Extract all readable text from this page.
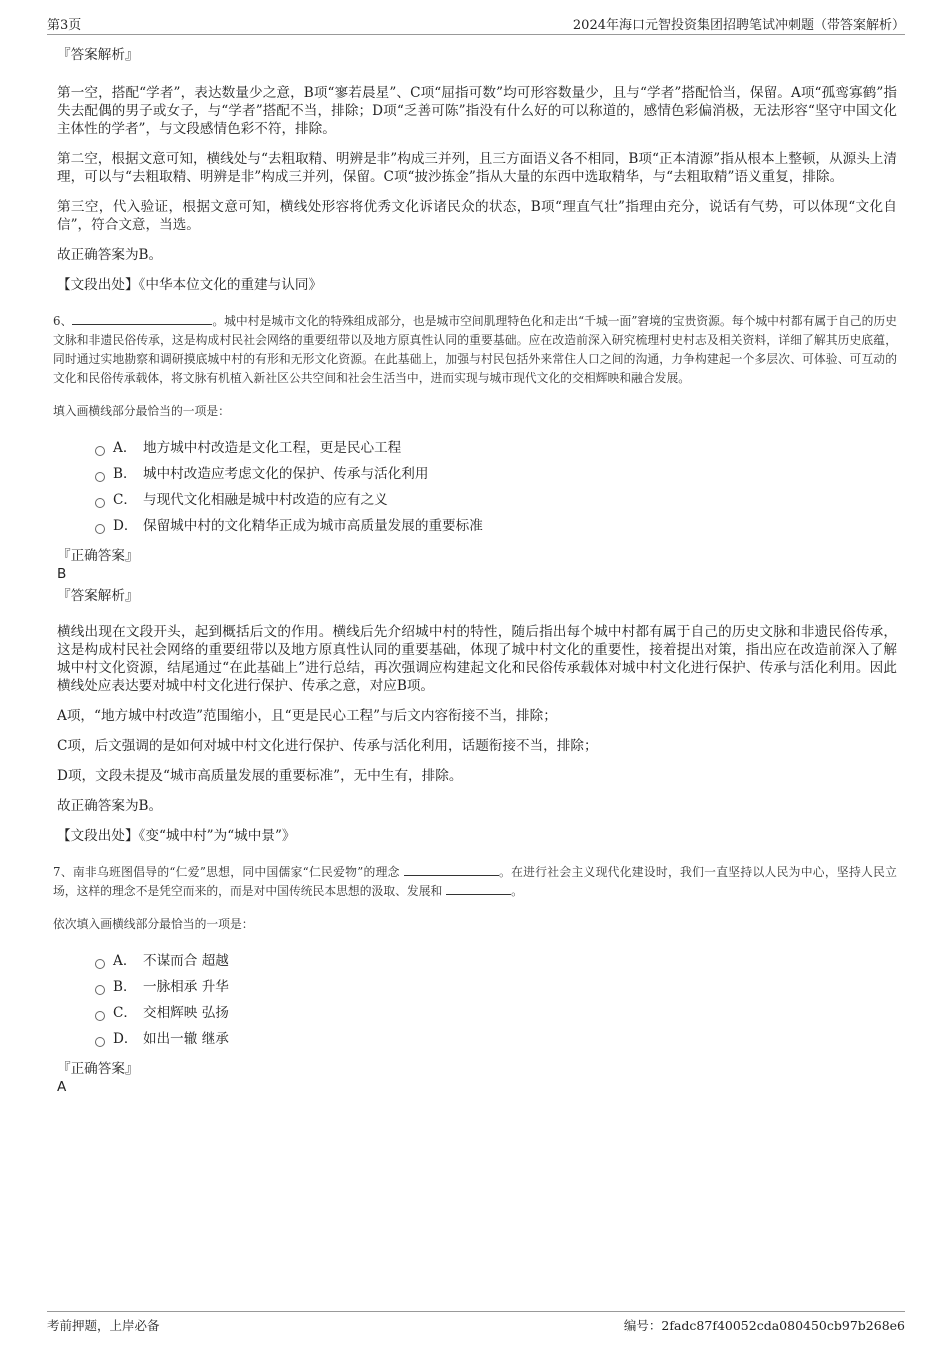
第3页	2024年海口元智投资集团招聘笔试冲刺题（带答案解析）

『答案解析』

第一空，搭配“学者”，表达数量少之意，B项“寥若晨星”、C项“屈指可数”均可形容数量少，且与“学者”搭配恰当，保留。A项“孤鸾寡鹤”指失去配偶的男子或女子，与“学者”搭配不当，排除；D项“乏善可陈”指没有什么好的可以称道的，感情色彩偏消极，无法形容“坚守中国文化主体性的学者”，与文段感情色彩不符，排除。

第二空，根据文意可知，横线处与“去粗取精、明辨是非”构成三并列，且三方面语义各不相同，B项“正本清源”指从根本上整顿，从源头上清理，可以与“去粗取精、明辨是非”构成三并列，保留。C项“披沙拣金”指从大量的东西中选取精华，与“去粗取精”语义重复，排除。

第三空，代入验证，根据文意可知，横线处形容将优秀文化诉诸民众的状态，B项“理直气壮”指理由充分，说话有气势，可以体现“文化自信”，符合文意，当选。

故正确答案为B。

【文段出处】《中华本位文化的重建与认同》

6、	。城中村是城市文化的特殊组成部分，也是城市空间肌理特色化和走出“千城一面”窘境的宝贵资源。每个城中村都有属于自己的历史文脉和非遗民俗传承，这是构成村民社会网络的重要纽带以及地方原真性认同的重要基础。应在改造前深入研究梳理村史村志及相关资料，详细了解其历史底蕴，同时通过实地勘察和调研摸底城中村的有形和无形文化资源。在此基础上，加强与村民包括外来常住人口之间的沟通，力争构建起一个多层次、可体验、可互动的文化和民俗传承载体，将文脉有机植入新社区公共空间和社会生活当中，进而实现与城市现代文化的交相辉映和融合发展。

填入画横线部分最恰当的一项是：

A． 地方城中村改造是文化工程，更是民心工程
B． 城中村改造应考虑文化的保护、传承与活化利用
C． 与现代文化相融是城中村改造的应有之义
D． 保留城中村的文化精华正成为城市高质量发展的重要标准

『正确答案』

B

『答案解析』

横线出现在文段开头，起到概括后文的作用。横线后先介绍城中村的特性，随后指出每个城中村都有属于自己的历史文脉和非遗民俗传承，这是构成村民社会网络的重要纽带以及地方原真性认同的重要基础，体现了城中村文化的重要性，接着提出对策，指出应在改造前深入了解城中村文化资源，结尾通过“在此基础上”进行总结，再次强调应构建起文化和民俗传承载体对城中村文化进行保护、传承与活化利用。因此横线处应表达要对城中村文化进行保护、传承之意，对应B项。

A项，“地方城中村改造”范围缩小，且“更是民心工程”与后文内容衔接不当，排除；

C项，后文强调的是如何对城中村文化进行保护、传承与活化利用，话题衔接不当，排除；

D项，文段未提及“城市高质量发展的重要标准”，无中生有，排除。

故正确答案为B。

【文段出处】《变“城中村”为“城中景”》

7、南非乌班图倡导的“仁爱”思想，同中国儒家“仁民爱物”的理念	。在进行社会主义现代化建设时，我们一直坚持以人民为中心，坚持人民立场，这样的理念不是凭空而来的，而是对中国传统民本思想的汲取、发展和	。

依次填入画横线部分最恰当的一项是：

A． 不谋而合 超越
B． 一脉相承 升华
C． 交相辉映 弘扬
D． 如出一辙 继承

『正确答案』

A

考前押题，上岸必备	编号：2fadc87f40052cda080450cb97b268e6
